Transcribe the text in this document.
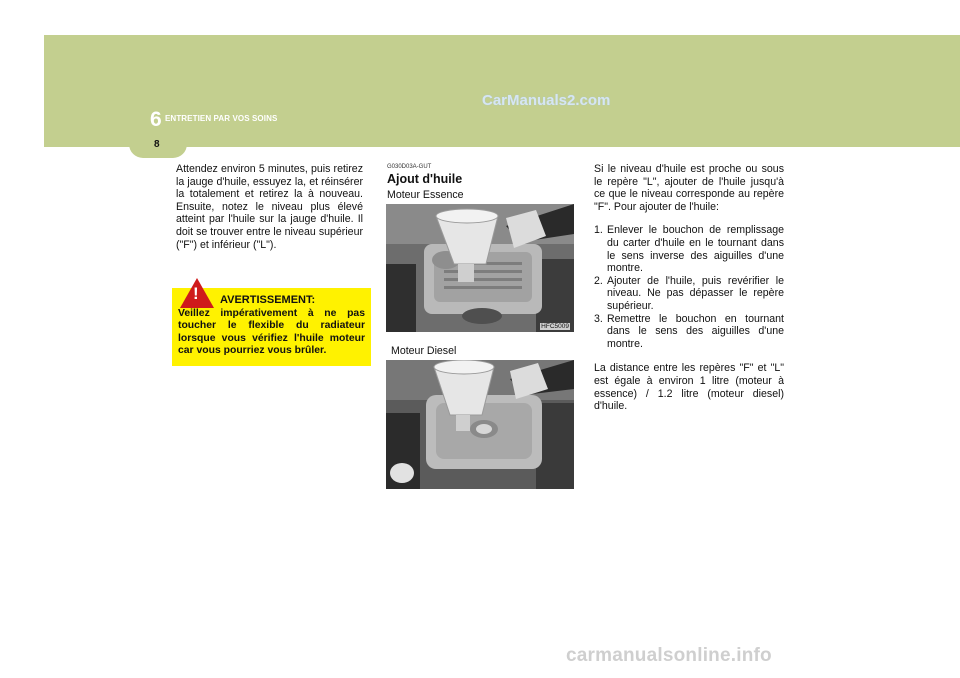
6 ENTRETIEN PAR VOS SOINS
CarManuals2.com
8
Attendez environ 5 minutes, puis retirez la jauge d'huile, essuyez la, et réinsérer la totalement et retirez la à nouveau. Ensuite, notez le niveau plus élevé atteint par l'huile sur la jauge d'huile. Il doit se trouver entre le niveau supérieur ("F") et inférieur ("L").
AVERTISSEMENT:
Veillez impérativement à ne pas toucher le flexible du radiateur lorsque vous vérifiez l'huile moteur car vous pourriez vous brûler.
!
G030D03A-GUT
Ajout d'huile
Moteur Essence
HFC5009
Moteur Diesel

Si le niveau d'huile est proche ou sous le repère "L", ajouter de l'huile jusqu'à ce que le niveau corresponde au repère "F". Pour ajouter de l'huile:

1. Enlever le bouchon de remplissage du carter d'huile en le tournant dans le sens inverse des aiguilles d'une montre.
2. Ajouter de l'huile, puis revérifier le niveau. Ne pas dépasser le repère supérieur.
3. Remettre le bouchon en tournant dans le sens des aiguilles d'une montre.

La distance entre les repères "F" et "L" est égale à environ 1 litre (moteur à essence) / 1.2 litre (moteur diesel) d'huile.

carmanualsonline.info
